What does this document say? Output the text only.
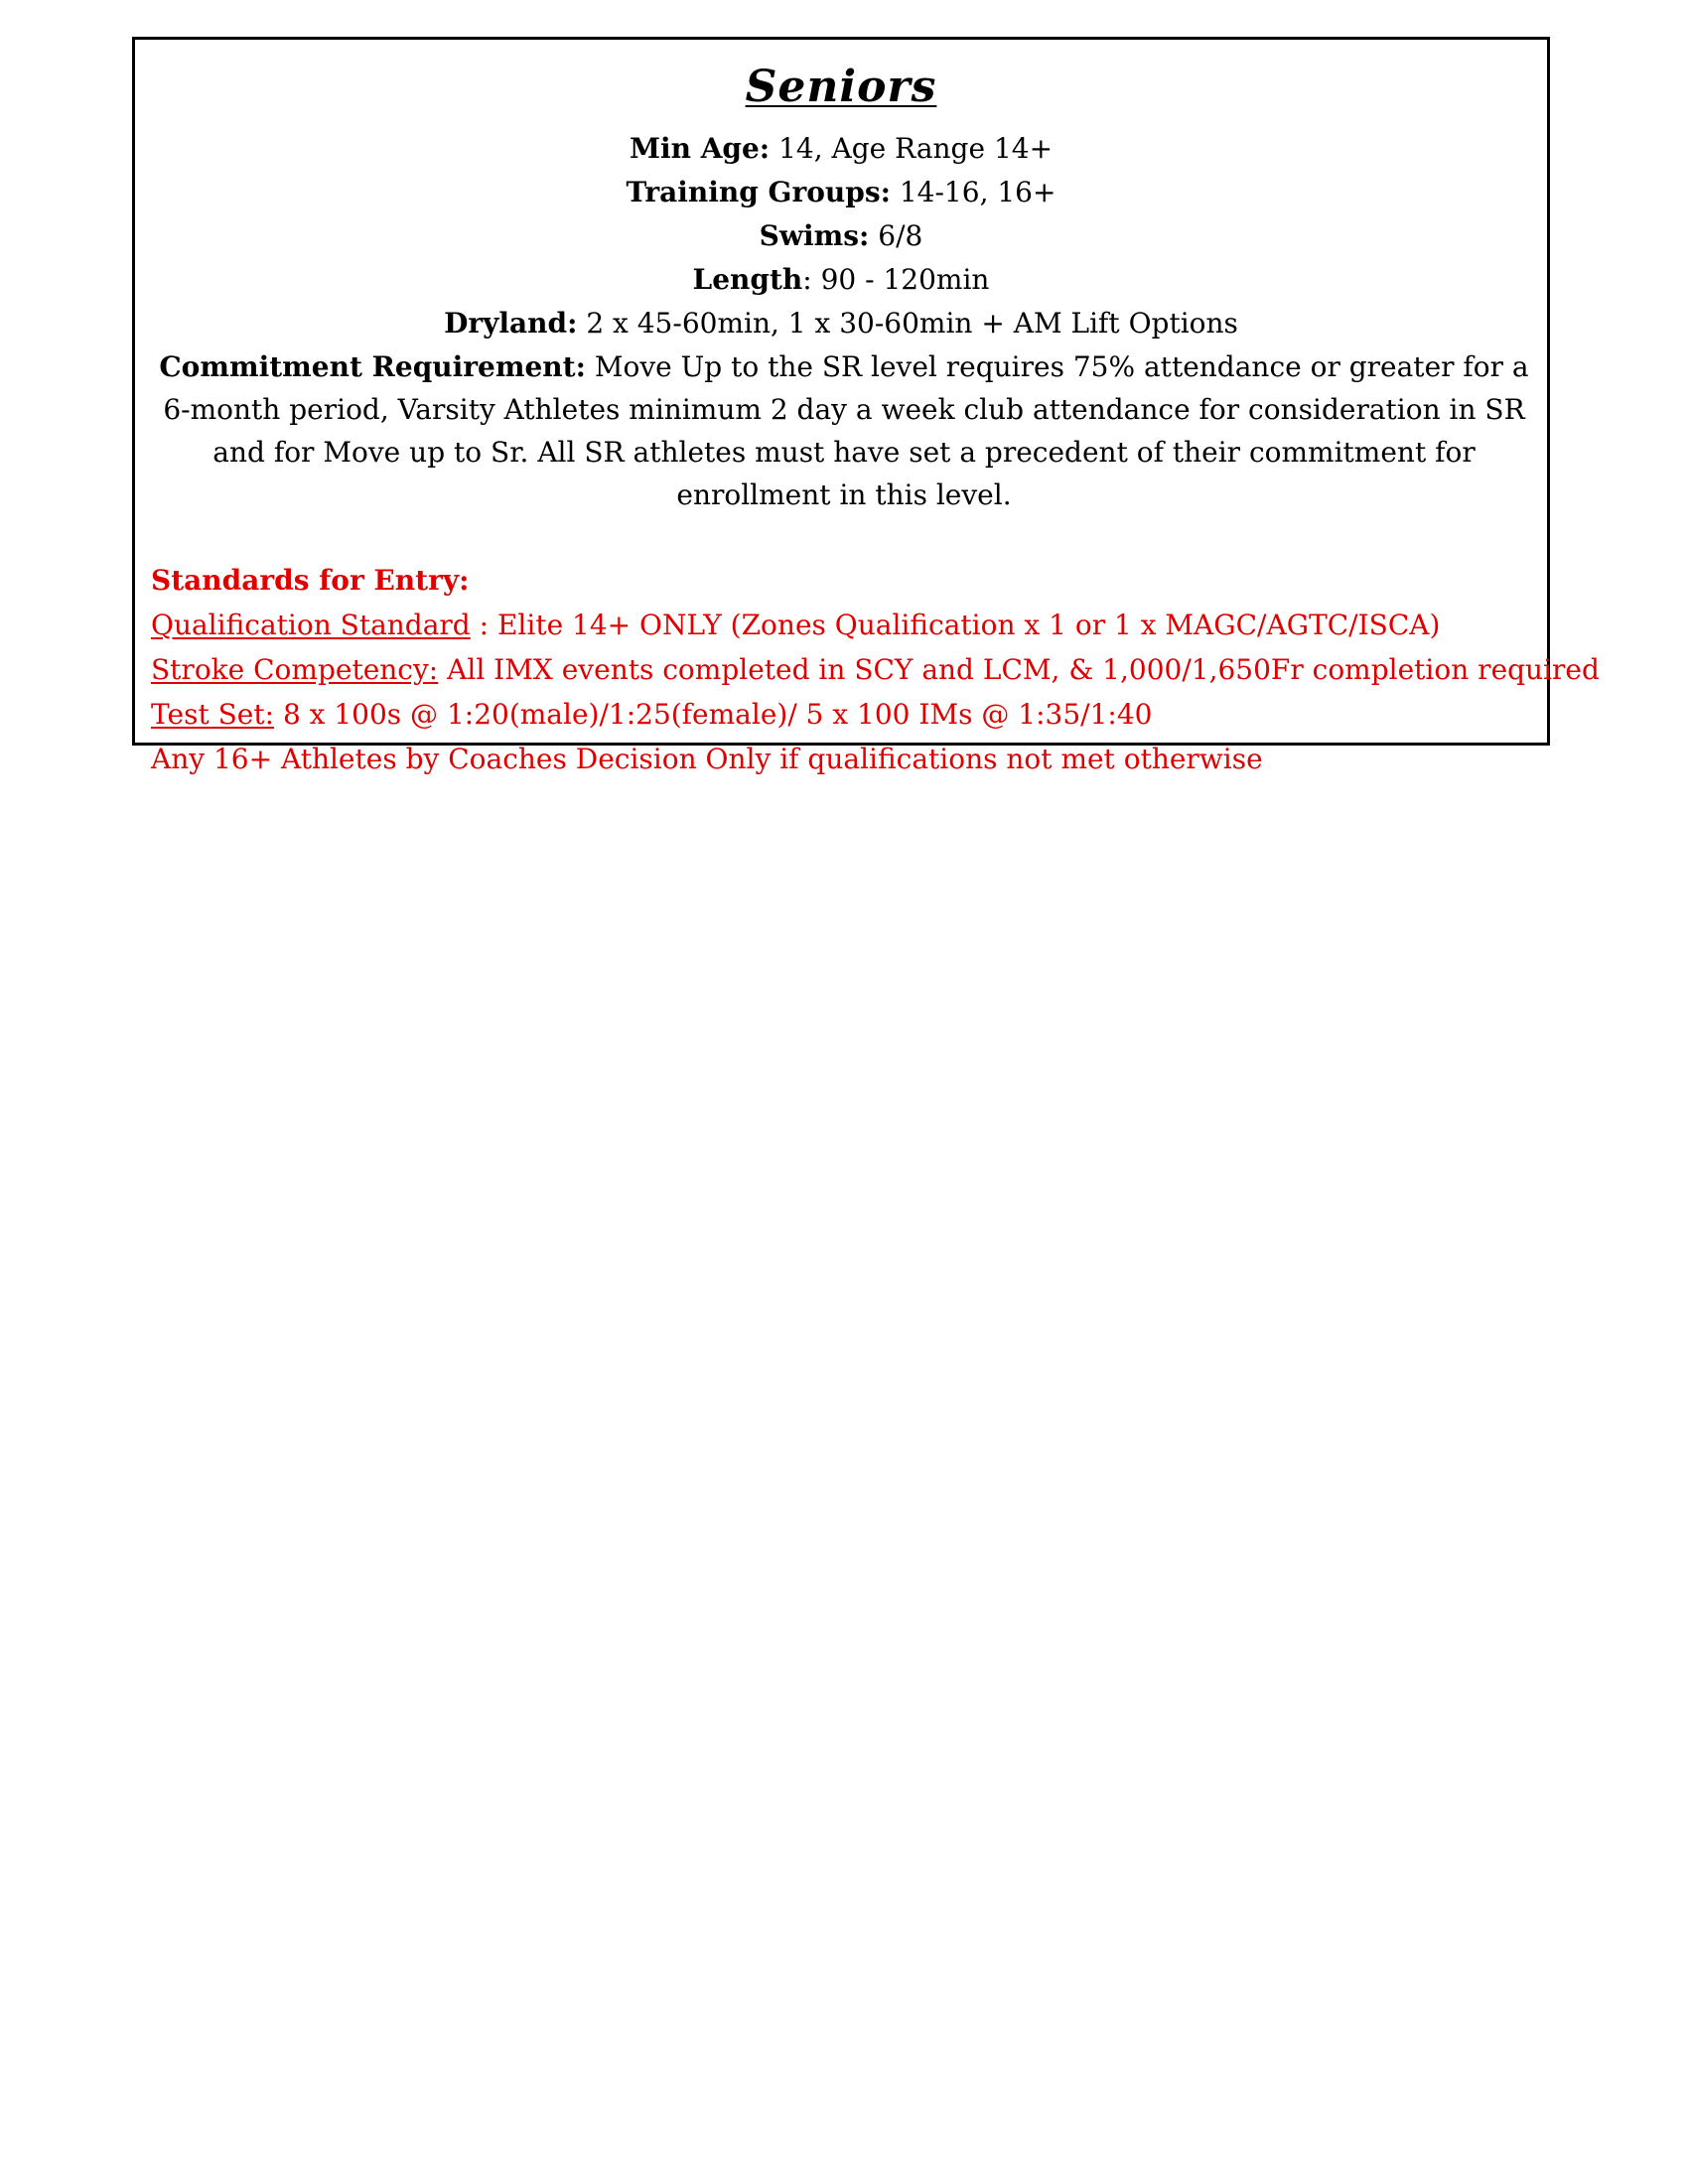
Seniors
Min Age: 14, Age Range 14+
Training Groups: 14-16, 16+
Swims: 6/8
Length: 90 - 120min
Dryland: 2 x 45-60min, 1 x 30-60min + AM Lift Options
Commitment Requirement: Move Up to the SR level requires 75% attendance or greater for a 6-month period, Varsity Athletes minimum 2 day a week club attendance for consideration in SR and for Move up to Sr. All SR athletes must have set a precedent of their commitment for enrollment in this level.
Standards for Entry:
Qualification Standard : Elite 14+ ONLY (Zones Qualification x 1 or 1 x MAGC/AGTC/ISCA)
Stroke Competency: All IMX events completed in SCY and LCM, & 1,000/1,650Fr completion required
Test Set: 8 x 100s @ 1:20(male)/1:25(female)/ 5 x 100 IMs @ 1:35/1:40
Any 16+ Athletes by Coaches Decision Only if qualifications not met otherwise
